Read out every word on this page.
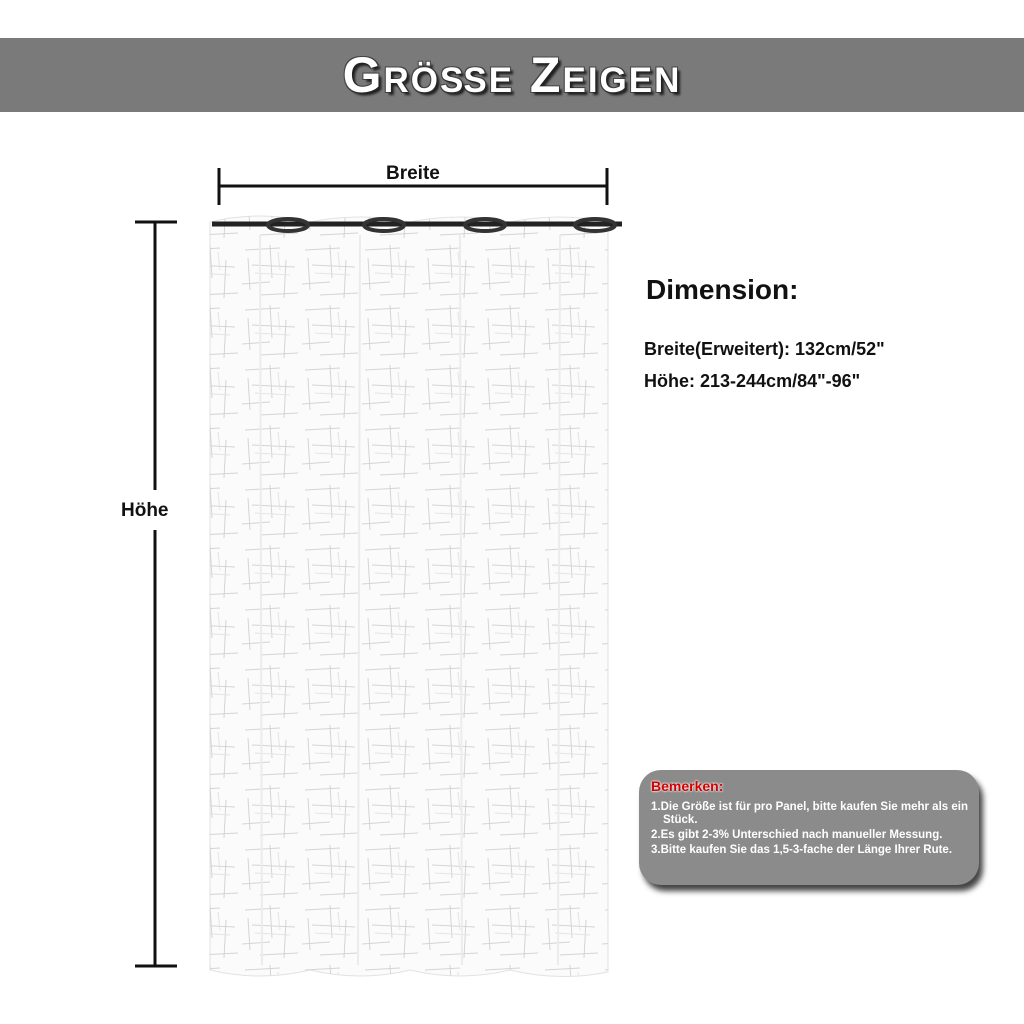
Größe Zeigen
Breite
Höhe
Dimension:
Breite(Erweitert): 132cm/52"
Höhe: 213-244cm/84"-96"
Bemerken:
1.Die Größe ist für pro Panel, bitte kaufen Sie mehr als ein Stück.
2.Es gibt 2-3% Unterschied nach manueller Messung.
3.Bitte kaufen Sie das 1,5-3-fache der Länge Ihrer Rute.
